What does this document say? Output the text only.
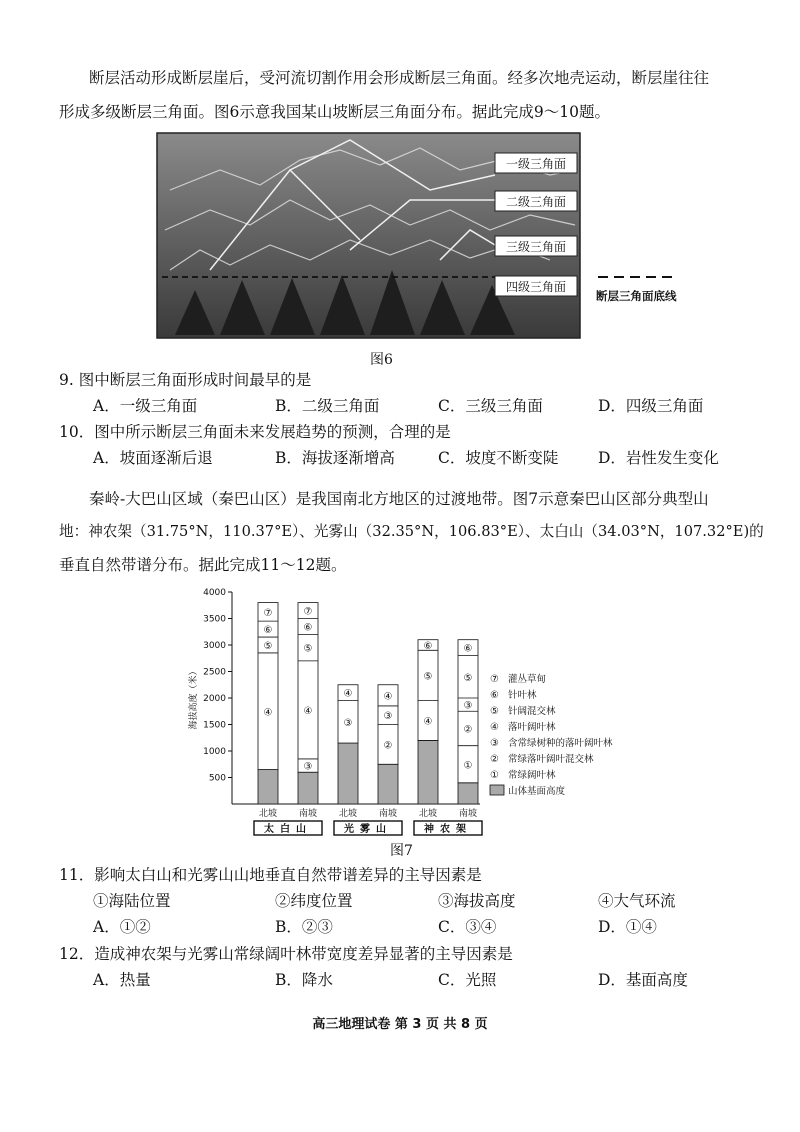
断层活动形成断层崖后，受河流切割作用会形成断层三角面。经多次地壳运动，断层崖往往
形成多级断层三角面。图6示意我国某山坡断层三角面分布。据此完成9～10题。
一级三角面
二级三角面
三级三角面
四级三角面
断层三角面底线
图6
9. 图中断层三角面形成时间最早的是
A．一级三角面	B．二级三角面	C．三级三角面	D．四级三角面
10．图中所示断层三角面未来发展趋势的预测，合理的是
A．坡面逐渐后退	B．海拔逐渐增高	C．坡度不断变陡	D．岩性发生变化
秦岭-大巴山区域（秦巴山区）是我国南北方地区的过渡地带。图7示意秦巴山区部分典型山
地：神农架（31.75°N，110.37°E）、光雾山（32.35°N，106.83°E）、太白山（34.03°N，107.32°E)的
垂直自然带谱分布。据此完成11～12题。
海拔高度（米）
500
1000
1500
2000
2500
3000
3500
4000
④
⑤
⑥
⑦
北坡
③
④
⑤
⑥
⑦
南坡
太白山
③
④
北坡
②
③
④
南坡
光雾山
④
⑤
⑥
北坡
①
②
③
⑤
⑥
南坡
神农架
⑦ 灌丛草甸
⑥ 针叶林
⑤ 针阔混交林
④ 落叶阔叶林
③ 含常绿树种的落叶阔叶林
② 常绿落叶阔叶混交林
① 常绿阔叶林
山体基面高度
图7
11．影响太白山和光雾山山地垂直自然带谱差异的主导因素是
①海陆位置	②纬度位置	③海拔高度	④大气环流
A．①②	B．②③	C．③④	D．①④
12．造成神农架与光雾山常绿阔叶林带宽度差异显著的主导因素是
A．热量	B．降水	C．光照	D．基面高度
高三地理试卷 第 3 页 共 8 页
